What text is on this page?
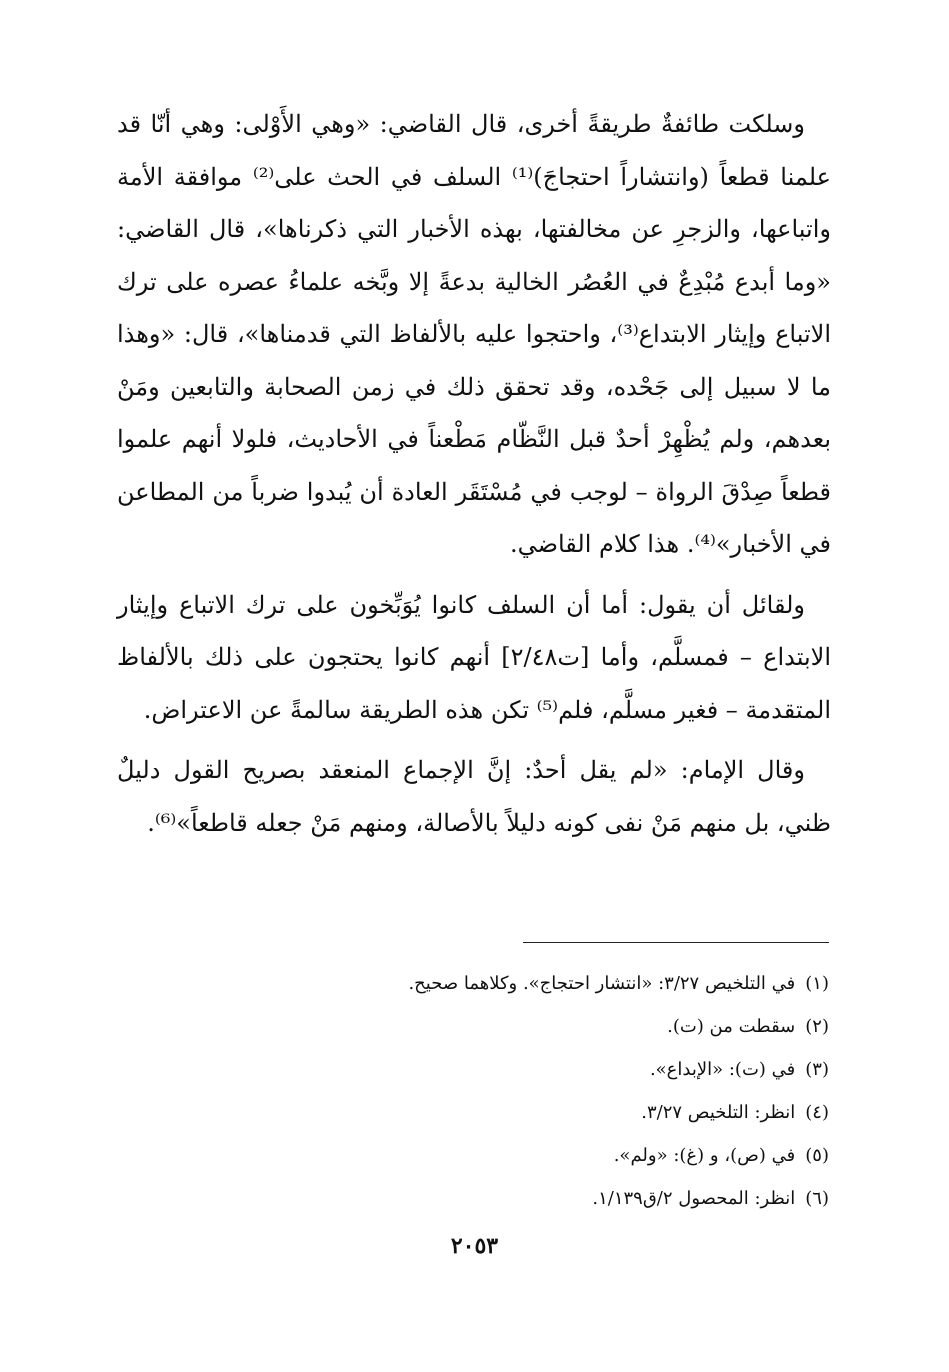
وسلكت طائفةٌ طريقةً أخرى، قال القاضي: «وهي الأَوْلى: وهي أنّا قد علمنا قطعاً (وانتشاراً احتجاجَ)⁽¹⁾ السلف في الحث على⁽²⁾ موافقة الأمة واتباعها، والزجرِ عن مخالفتها، بهذه الأخبار التي ذكرناها»، قال القاضي: «وما أبدع مُبْدِعٌ في العُصُر الخالية بدعةً إلا وبَّخه علماءُ عصره على ترك الاتباع وإيثار الابتداع⁽³⁾، واحتجوا عليه بالألفاظ التي قدمناها»، قال: «وهذا ما لا سبيل إلى جَحْده، وقد تحقق ذلك في زمن الصحابة والتابعين ومَنْ بعدهم، ولم يُظْهِرْ أحدٌ قبل النَّظّام مَطْعناً في الأحاديث، فلولا أنهم علموا قطعاً صِدْقَ الرواة – لوجب في مُسْتَقَر العادة أن يُبدوا ضرباً من المطاعن في الأخبار»⁽⁴⁾. هذا كلام القاضي.

ولقائل أن يقول: أما أن السلف كانوا يُوَبِّخون على ترك الاتباع وإيثار الابتداع – فمسلَّم، وأما [ت٢/٤٨] أنهم كانوا يحتجون على ذلك بالألفاظ المتقدمة – فغير مسلَّم، فلم⁽⁵⁾ تكن هذه الطريقة سالمةً عن الاعتراض.

وقال الإمام: «لم يقل أحدٌ: إنَّ الإجماع المنعقد بصريح القول دليلٌ ظني، بل منهم مَنْ نفى كونه دليلاً بالأصالة، ومنهم مَنْ جعله قاطعاً»⁽⁶⁾.

(١)في التلخيص ٣/٢٧: «انتشار احتجاج». وكلاهما صحيح.
(٢)سقطت من (ت).
(٣)في (ت): «الإبداع».
(٤)انظر: التلخيص ٣/٢٧.
(٥)في (ص)، و (غ): «ولم».
(٦)انظر: المحصول ٢/ق١/١٣٩.
٢٠٥٣
